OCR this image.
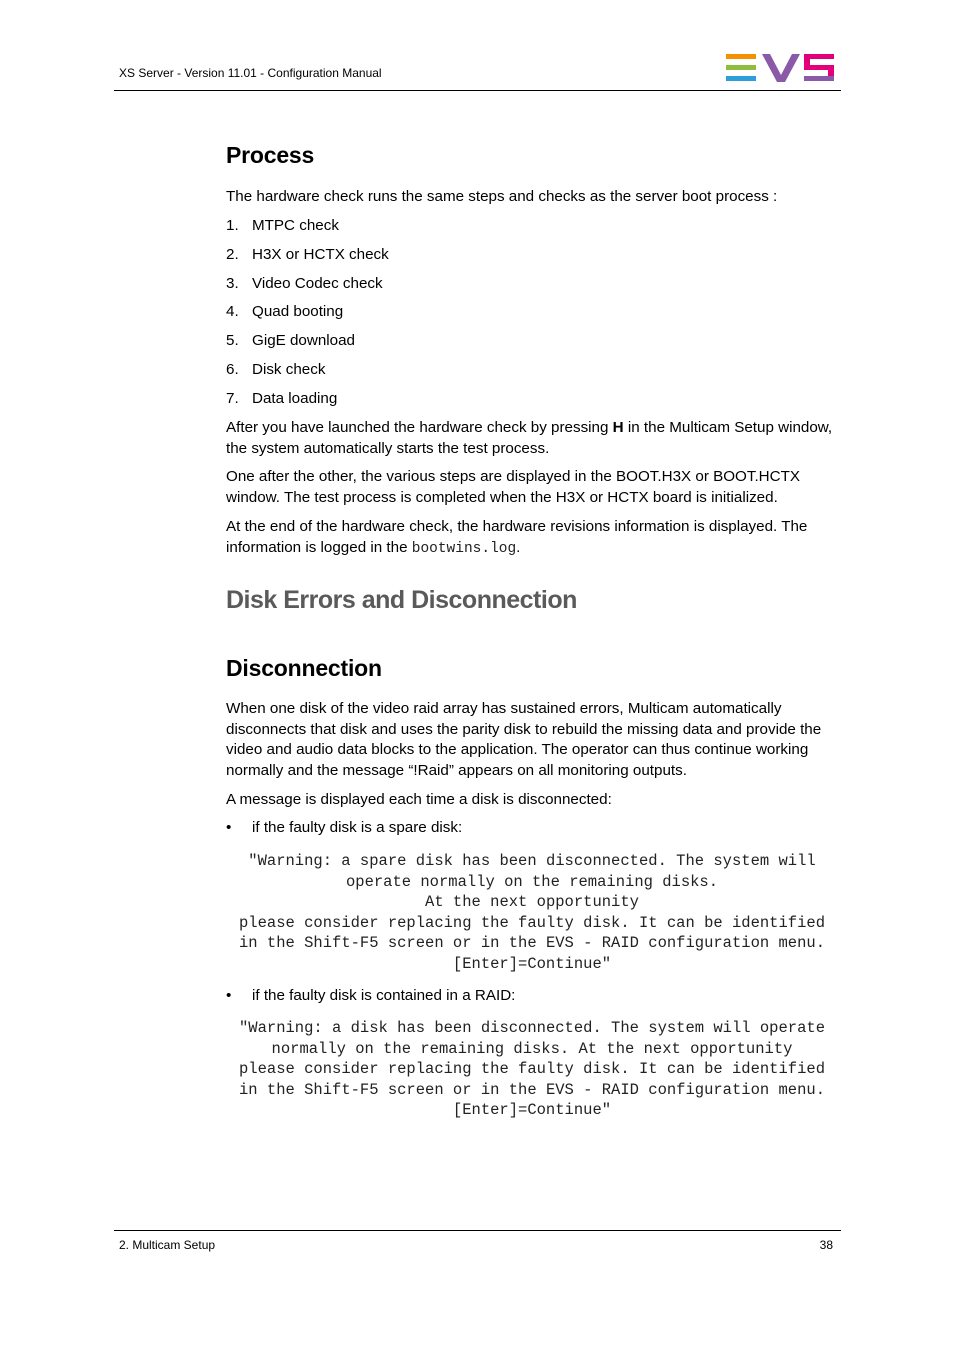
XS Server - Version 11.01 - Configuration Manual
Process
The hardware check runs the same steps and checks as the server boot process :
1. MTPC check
2. H3X or HCTX check
3. Video Codec check
4. Quad booting
5. GigE download
6. Disk check
7. Data loading
After you have launched the hardware check by pressing H in the Multicam Setup window, the system automatically starts the test process.
One after the other, the various steps are displayed in the BOOT.H3X or BOOT.HCTX window. The test process is completed when the H3X or HCTX board is initialized.
At the end of the hardware check, the hardware revisions information is displayed. The information is logged in the bootwins.log.
Disk Errors and Disconnection
Disconnection
When one disk of the video raid array has sustained errors, Multicam automatically disconnects that disk and uses the parity disk to rebuild the missing data and provide the video and audio data blocks to the application. The operator can thus continue working normally and the message “!Raid” appears on all monitoring outputs.
A message is displayed each time a disk is disconnected:
• if the faulty disk is a spare disk:
"Warning: a spare disk has been disconnected. The system will
operate normally on the remaining disks.
At the next opportunity
please consider replacing the faulty disk. It can be identified
in the Shift-F5 screen or in the EVS - RAID configuration menu.
[Enter]=Continue"
• if the faulty disk is contained in a RAID:
"Warning: a disk has been disconnected. The system will operate
normally on the remaining disks. At the next opportunity
please consider replacing the faulty disk. It can be identified
in the Shift-F5 screen or in the EVS - RAID configuration menu.
[Enter]=Continue"
2. Multicam Setup	38
